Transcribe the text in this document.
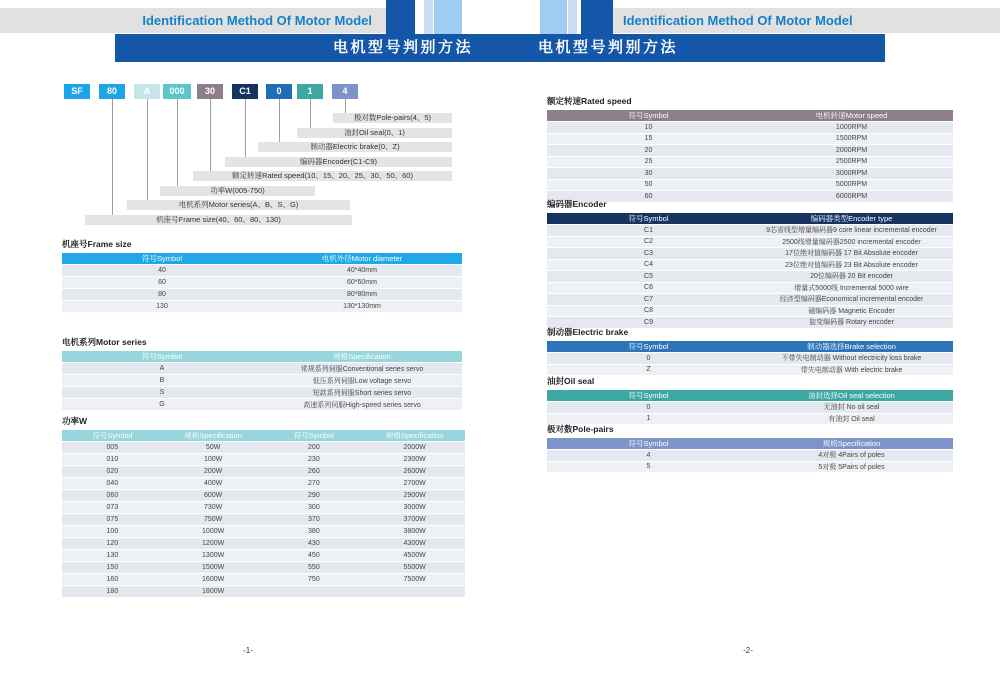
Identification Method Of Motor Model	Identification Method Of Motor Model
电机型号判别方法	电机型号判别方法
SF	80	A	000	30	C1	0	1	4
极对数Pole-pairs(4、5)
油封Oil seal(0、1)
制动器Electric brake(0、Z)
编码器Encoder(C1-C9)
额定转速Rated speed(10、15、20、25、30、50、60)
功率W(005-750)
电机系列Motor series(A、B、S、G)
机座号Frame size(40、60、80、130)
机座号Frame size
符号Symbol	电机外径Motor diameter
40	40*40mm
60	60*60mm
80	80*80mm
130	130*130mm
电机系列Motor series
符号Symbol	规格Specification
A	常规系列伺服Conventional series servo
B	低压系列伺服Low voltage servo
S	短款系列伺服Short series servo
G	高速系列伺服High-speed series servo
功率W
符号Symbol	规格Specification	符号Symbol	规格Specification
005	50W	200	2000W
010	100W	230	2300W
020	200W	260	2600W
040	400W	270	2700W
060	600W	290	2900W
073	730W	300	3000W
075	750W	370	3700W
100	1000W	380	3800W
120	1200W	430	4300W
130	1300W	450	4500W
150	1500W	550	5500W
160	1600W	750	7500W
180	1800W		
额定转速Rated speed
符号Symbol	电机转速Motor speed
10	1000RPM
15	1500RPM
20	2000RPM
25	2500RPM
30	3000RPM
50	5000RPM
60	6000RPM
编码器Encoder
符号Symbol	编码器类型Encoder type
C1	9芯省线型增量编码器9 core linear incremental encoder
C2	2500线增量编码器2500 incremental encoder
C3	17位绝对值编码器 17 Bit Absolute encoder
C4	23位绝对值编码器 23 Bit Absolute encoder
C5	20位编码器 20 Bit encoder
C6	增量式5000线 Incremental 5000 wire
C7	经济型编码器Economical incremental encoder
C8	磁编码器 Magnetic Encoder
C9	旋变编码器 Rotary encoder
制动器Electric brake
符号Symbol	制动器选择Brake selection
0	不带失电制动器 Without electricity loss brake
Z	带失电制动器 With electric brake
油封Oil seal
符号Symbol	油封选择Oil seal selection
0	无油封 No oil seal
1	有油封 Oil seal
极对数Pole-pairs
符号Symbol	规格Specification
4	4对极 4Pairs of poles
5	5对极 5Pairs of poles
-1-	-2-
